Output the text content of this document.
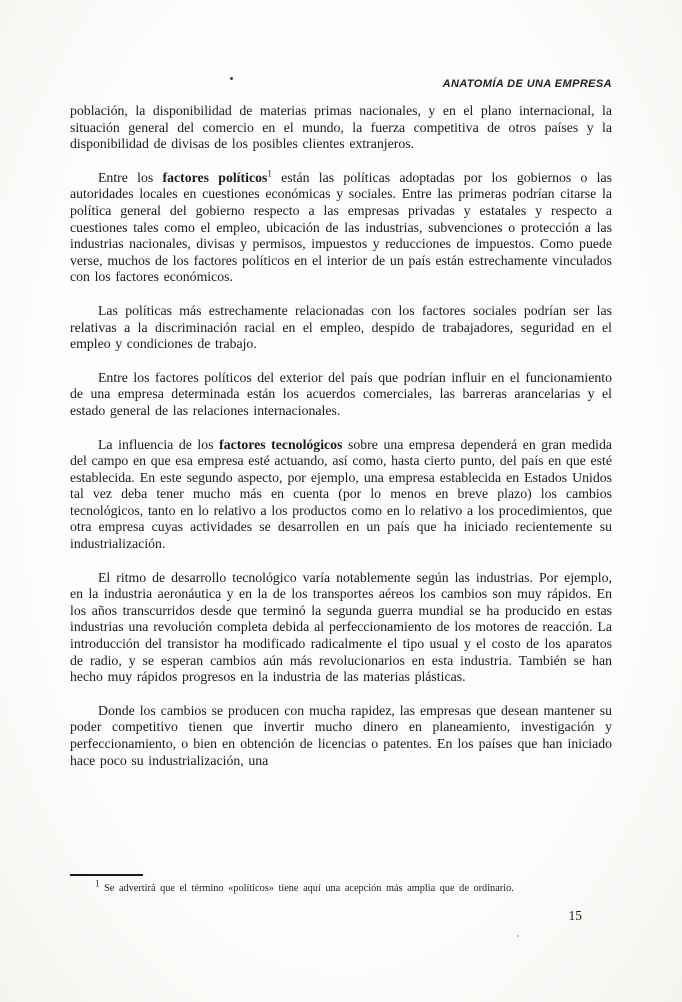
ANATOMÍA DE UNA EMPRESA

población, la disponibilidad de materias primas nacionales, y en el plano internacional, la situación general del comercio en el mundo, la fuerza competitiva de otros países y la disponibilidad de divisas de los posibles clientes extranjeros.

Entre los factores políticos$^1$ están las políticas adoptadas por los gobiernos o las autoridades locales en cuestiones económicas y sociales. Entre las primeras podrían citarse la política general del gobierno respecto a las empresas privadas y estatales y respecto a cuestiones tales como el empleo, ubicación de las industrias, subvenciones o protección a las industrias nacionales, divisas y permisos, impuestos y reducciones de impuestos. Como puede verse, muchos de los factores políticos en el interior de un país están estrechamente vinculados con los factores económicos.

Las políticas más estrechamente relacionadas con los factores sociales podrían ser las relativas a la discriminación racial en el empleo, despido de trabajadores, seguridad en el empleo y condiciones de trabajo.

Entre los factores políticos del exterior del país que podrían influir en el funcionamiento de una empresa determinada están los acuerdos comerciales, las barreras arancelarias y el estado general de las relaciones internacionales.

La influencia de los factores tecnológicos sobre una empresa dependerá en gran medida del campo en que esa empresa esté actuando, así como, hasta cierto punto, del país en que esté establecida. En este segundo aspecto, por ejemplo, una empresa establecida en Estados Unidos tal vez deba tener mucho más en cuenta (por lo menos en breve plazo) los cambios tecnológicos, tanto en lo relativo a los productos como en lo relativo a los procedimientos, que otra empresa cuyas actividades se desarrollen en un país que ha iniciado recientemente su industrialización.

El ritmo de desarrollo tecnológico varía notablemente según las industrias. Por ejemplo, en la industria aeronáutica y en la de los transportes aéreos los cambios son muy rápidos. En los años transcurridos desde que terminó la segunda guerra mundial se ha producido en estas industrias una revolución completa debida al perfeccionamiento de los motores de reacción. La introducción del transistor ha modificado radicalmente el tipo usual y el costo de los aparatos de radio, y se esperan cambios aún más revolucionarios en esta industria. También se han hecho muy rápidos progresos en la industria de las materias plásticas.

Donde los cambios se producen con mucha rapidez, las empresas que desean mantener su poder competitivo tienen que invertir mucho dinero en planeamiento, investigación y perfeccionamiento, o bien en obtención de licencias o patentes. En los países que han iniciado hace poco su industrialización, una

$^1$ Se advertirá que el término «políticos» tiene aquí una acepción más amplia que de ordinario.
15
